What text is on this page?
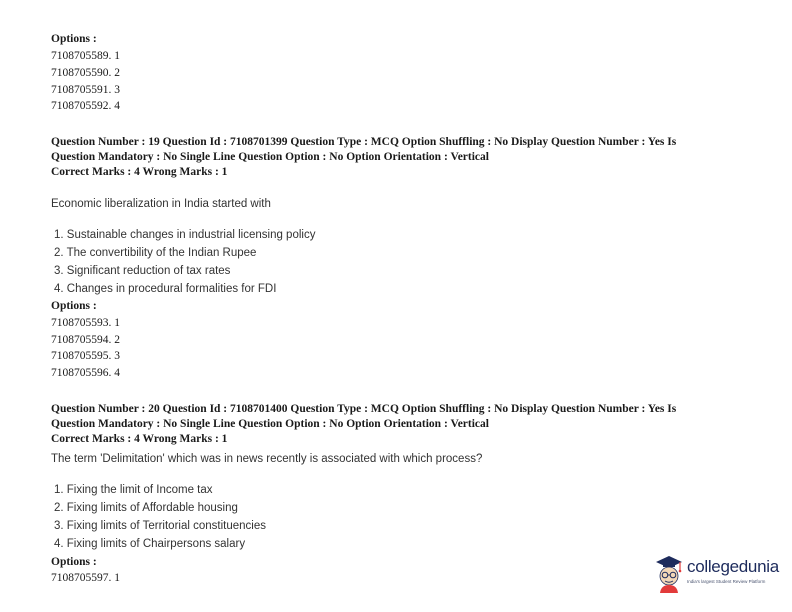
Options :
7108705589. 1
7108705590. 2
7108705591. 3
7108705592. 4
Question Number : 19 Question Id : 7108701399 Question Type : MCQ Option Shuffling : No Display Question Number : Yes Is
Question Mandatory : No Single Line Question Option : No Option Orientation : Vertical
Correct Marks : 4 Wrong Marks : 1
Economic liberalization in India started with
1. Sustainable changes in industrial licensing policy
2. The convertibility of the Indian Rupee
3. Significant reduction of tax rates
4. Changes in procedural formalities for FDI
Options :
7108705593. 1
7108705594. 2
7108705595. 3
7108705596. 4
Question Number : 20 Question Id : 7108701400 Question Type : MCQ Option Shuffling : No Display Question Number : Yes Is
Question Mandatory : No Single Line Question Option : No Option Orientation : Vertical
Correct Marks : 4 Wrong Marks : 1
The term 'Delimitation' which was in news recently is associated with which process?
1. Fixing the limit of Income tax
2. Fixing limits of Affordable housing
3. Fixing limits of Territorial constituencies
4. Fixing limits of Chairpersons salary
Options :
7108705597. 1
collegedunia
India's largest Student Review Platform
